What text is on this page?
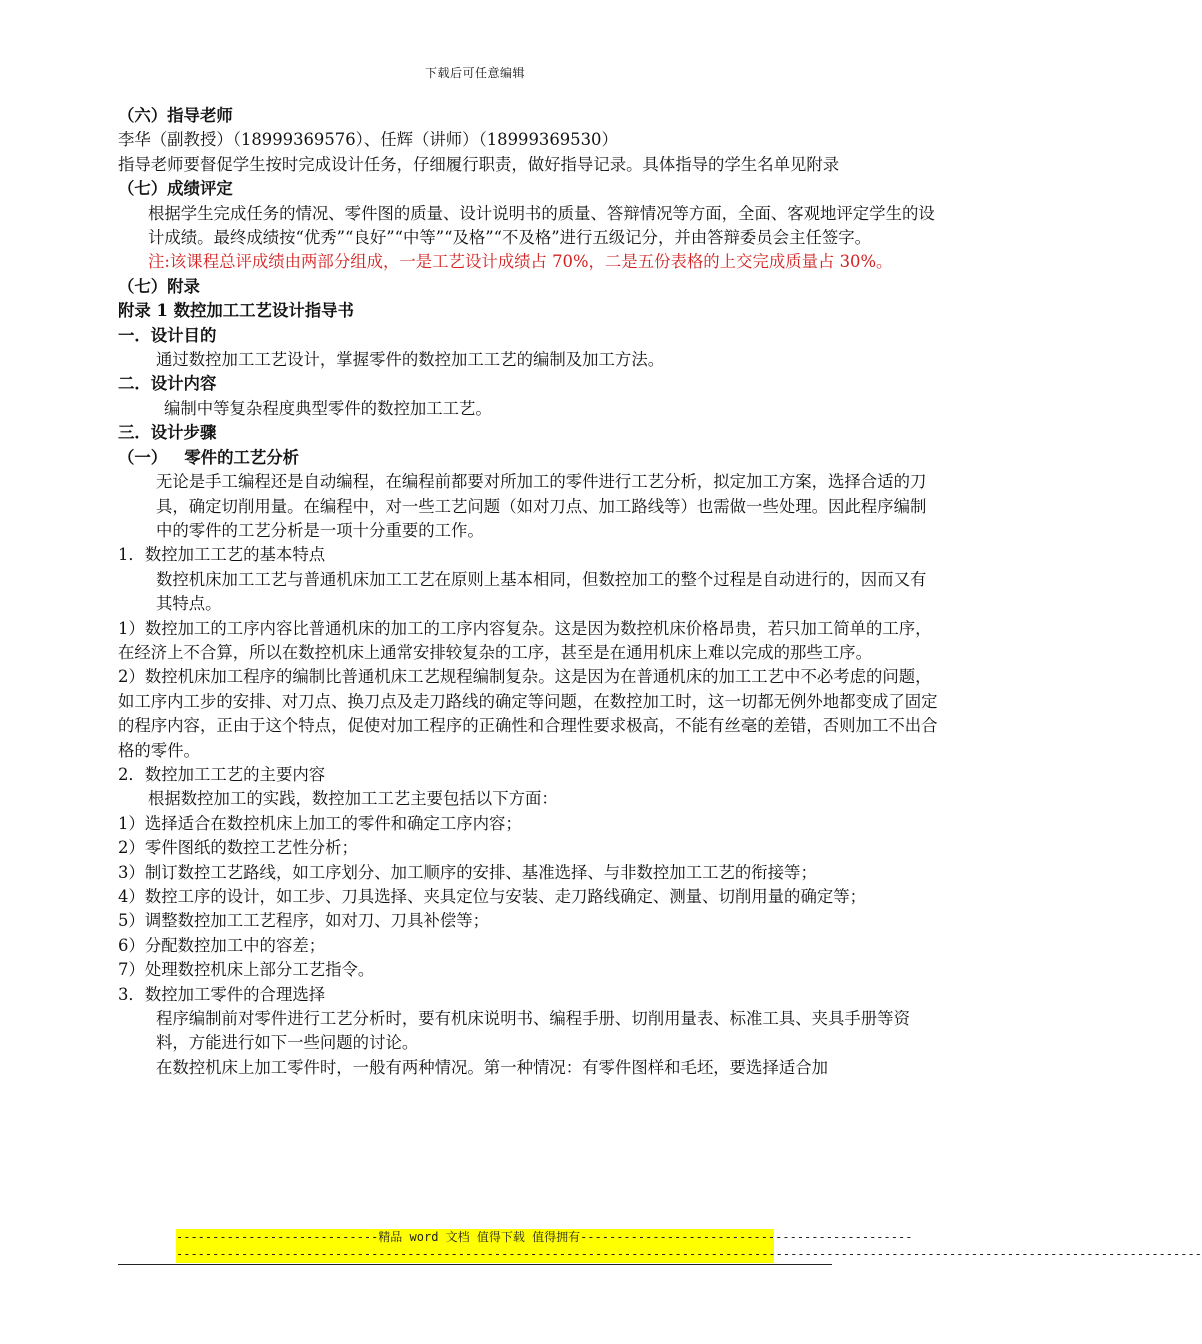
下载后可任意编辑

（六）指导老师

李华（副教授）（18999369576）、任辉（讲师）（18999369530）

指导老师要督促学生按时完成设计任务，仔细履行职责，做好指导记录。具体指导的学生名单见附录

（七）成绩评定

根据学生完成任务的情况、零件图的质量、设计说明书的质量、答辩情况等方面，全面、客观地评定学生的设计成绩。最终成绩按“优秀”“良好”“中等”“及格”“不及格”进行五级记分，并由答辩委员会主任签字。

注:该课程总评成绩由两部分组成，一是工艺设计成绩占 70%，二是五份表格的上交完成质量占 30%。

（七）附录

附录 1 数控加工工艺设计指导书

一．设计目的

通过数控加工工艺设计，掌握零件的数控加工工艺的编制及加工方法。

二．设计内容

编制中等复杂程度典型零件的数控加工工艺。

三．设计步骤

（一）   零件的工艺分析

无论是手工编程还是自动编程，在编程前都要对所加工的零件进行工艺分析，拟定加工方案，选择合适的刀具，确定切削用量。在编程中，对一些工艺问题（如对刀点、加工路线等）也需做一些处理。因此程序编制中的零件的工艺分析是一项十分重要的工作。

1．数控加工工艺的基本特点

数控机床加工工艺与普通机床加工工艺在原则上基本相同，但数控加工的整个过程是自动进行的，因而又有其特点。

1）数控加工的工序内容比普通机床的加工的工序内容复杂。这是因为数控机床价格昂贵，若只加工简单的工序，在经济上不合算，所以在数控机床上通常安排较复杂的工序，甚至是在通用机床上难以完成的那些工序。

2）数控机床加工程序的编制比普通机床工艺规程编制复杂。这是因为在普通机床的加工工艺中不必考虑的问题，如工序内工步的安排、对刀点、换刀点及走刀路线的确定等问题，在数控加工时，这一切都无例外地都变成了固定的程序内容，正由于这个特点，促使对加工程序的正确性和合理性要求极高，不能有丝毫的差错，否则加工不出合格的零件。

2．数控加工工艺的主要内容

根据数控加工的实践，数控加工工艺主要包括以下方面：

1）选择适合在数控机床上加工的零件和确定工序内容；

2）零件图纸的数控工艺性分析；

3）制订数控工艺路线，如工序划分、加工顺序的安排、基准选择、与非数控加工工艺的衔接等；

4）数控工序的设计，如工步、刀具选择、夹具定位与安装、走刀路线确定、测量、切削用量的确定等；

5）调整数控加工工艺程序，如对刀、刀具补偿等；

6）分配数控加工中的容差；

7）处理数控机床上部分工艺指令。

3．数控加工零件的合理选择

程序编制前对零件进行工艺分析时，要有机床说明书、编程手册、切削用量表、标准工具、夹具手册等资料，方能进行如下一些问题的讨论。

在数控机床上加工零件时，一般有两种情况。第一种情况：有零件图样和毛坯，要选择适合加

----------------------------精品 word 文档 值得下载 值得拥有----------------------------------------------
----------------------------------------------------------------------------------------------------------------------------------------------
